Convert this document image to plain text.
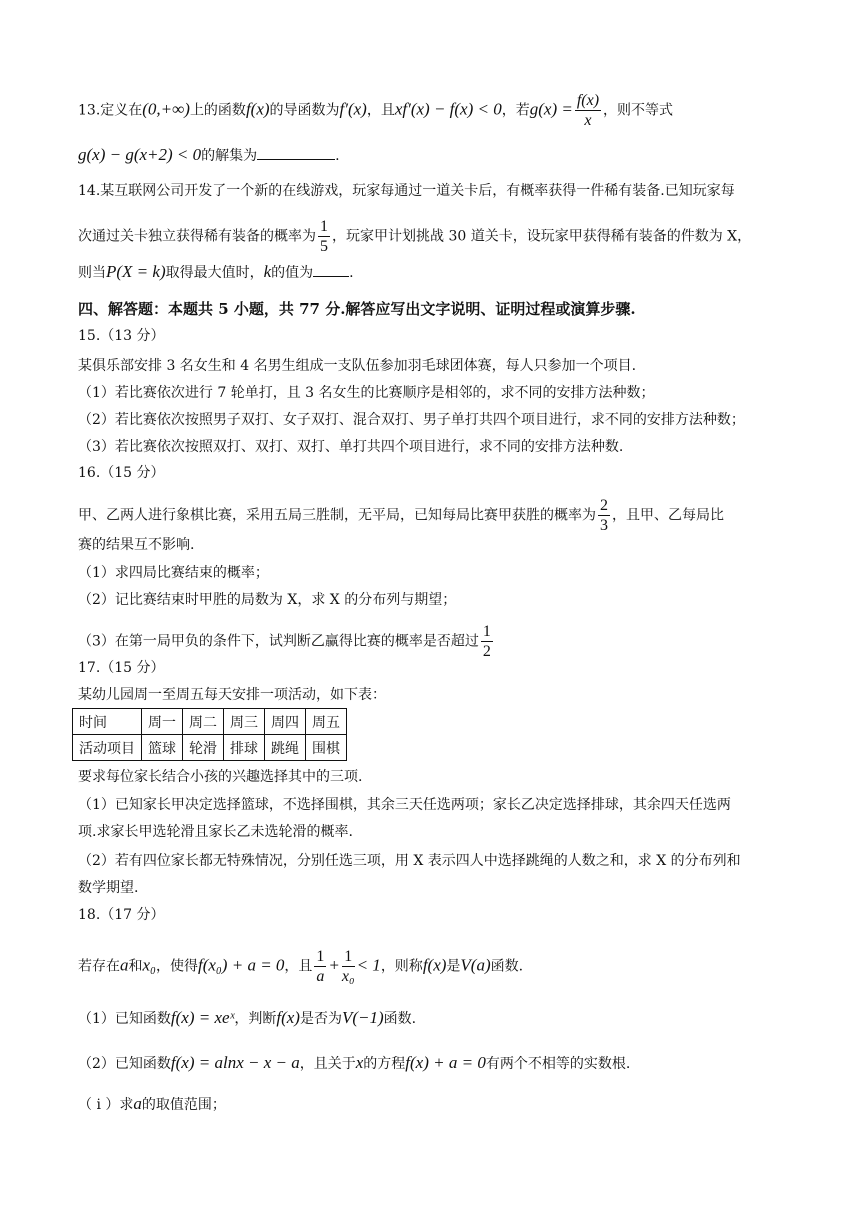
13.定义在(0,+∞)上的函数f(x)的导函数为f′(x)，且xf′(x) − f(x) < 0，若$g(x) = \frac{f(x)}{x}$ ，则不等式
g(x) − g(x+2) < 0的解集为	.
14.某互联网公司开发了一个新的在线游戏，玩家每通过一道关卡后，有概率获得一件稀有装备.已知玩家每
次通过关卡独立获得稀有装备的概率为 $\frac{1}{5}$ ，玩家甲计划挑战 30 道关卡，设玩家甲获得稀有装备的件数为 X，
则当P(X = k)取得最大值时，k的值为	.
四、解答题：本题共 5 小题，共 77 分.解答应写出文字说明、证明过程或演算步骤.
15.（13 分）
某俱乐部安排 3 名女生和 4 名男生组成一支队伍参加羽毛球团体赛，每人只参加一个项目.
（1）若比赛依次进行 7 轮单打，且 3 名女生的比赛顺序是相邻的，求不同的安排方法种数；
（2）若比赛依次按照男子双打、女子双打、混合双打、男子单打共四个项目进行，求不同的安排方法种数；
（3）若比赛依次按照双打、双打、双打、单打共四个项目进行，求不同的安排方法种数.
16.（15 分）
甲、乙两人进行象棋比赛，采用五局三胜制，无平局，已知每局比赛甲获胜的概率为 $\frac{2}{3}$ ，且甲、乙每局比
赛的结果互不影响.
（1）求四局比赛结束的概率；
（2）记比赛结束时甲胜的局数为 X，求 X 的分布列与期望；
（3）在第一局甲负的条件下，试判断乙赢得比赛的概率是否超过 $\frac{1}{2}$
17.（15 分）
某幼儿园周一至周五每天安排一项活动，如下表：
时间	周一	周二	周三	周四	周五
活动项目	篮球	轮滑	排球	跳绳	围棋
要求每位家长结合小孩的兴趣选择其中的三项.
（1）已知家长甲决定选择篮球，不选择围棋，其余三天任选两项；家长乙决定选择排球，其余四天任选两
项.求家长甲选轮滑且家长乙未选轮滑的概率.
（2）若有四位家长都无特殊情况，分别任选三项，用 X 表示四人中选择跳绳的人数之和，求 X 的分布列和
数学期望.
18.（17 分）
若存在a和x₀，使得f(x₀) + a = 0，且 $\frac{1}{a} + \frac{1}{\text{x₀}} < 1$，则称f(x)是V(a)函数.
（1）已知函数f(x) = xeˣ，判断f(x)是否为V(−1)函数.
（2）已知函数f(x) = alnx − x − a，且关于x的方程f(x) + a = 0有两个不相等的实数根.
（ i ）求a的取值范围；
